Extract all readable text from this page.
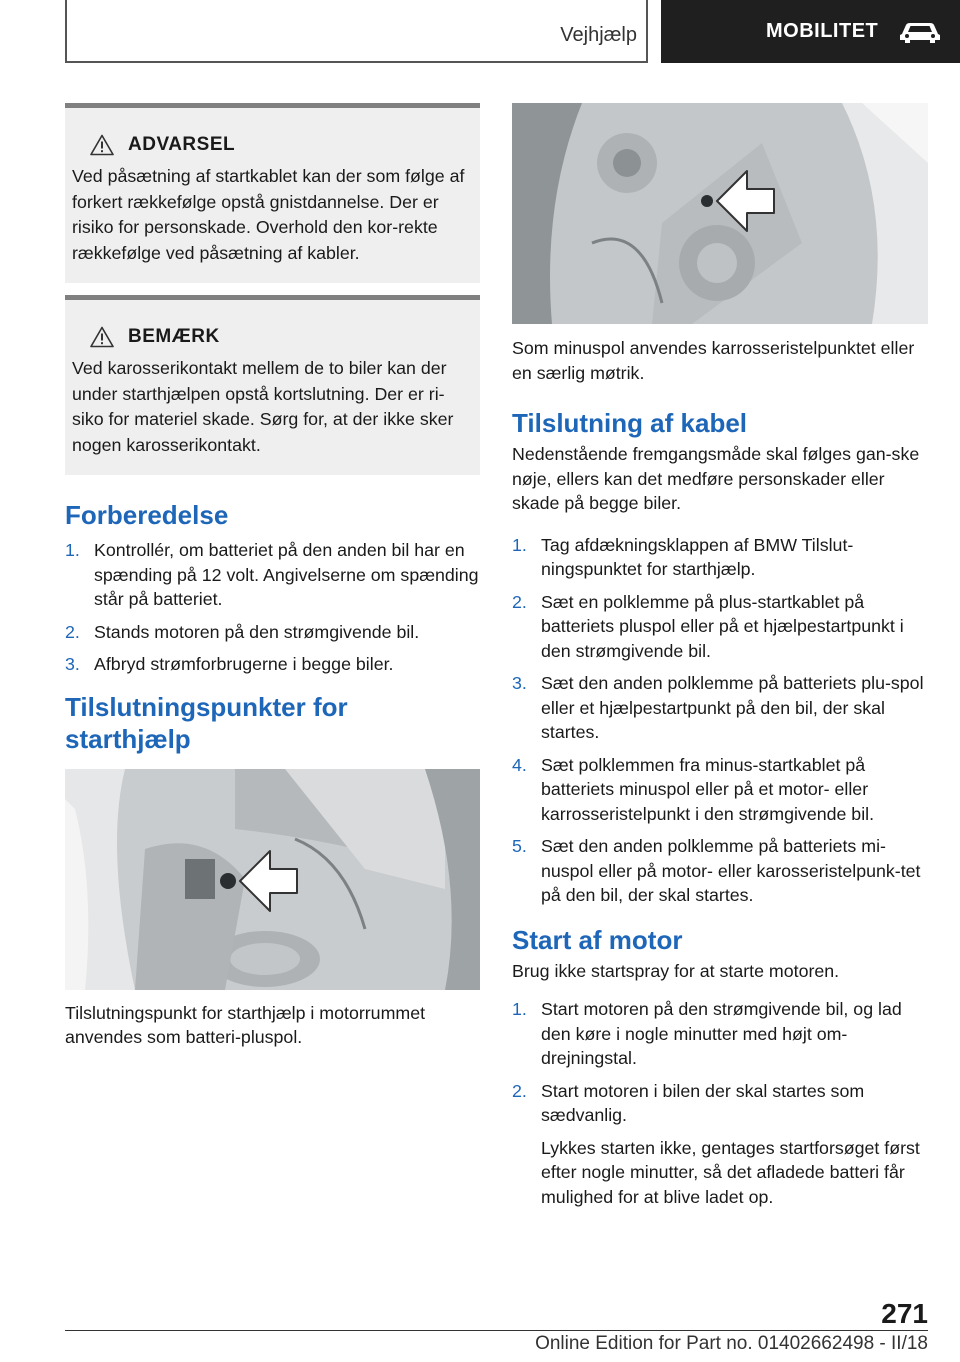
Vejhjælp	MOBILITET
ADVARSEL
Ved påsætning af startkablet kan der som følge af forkert rækkefølge opstå gnistdannelse. Der er risiko for personskade. Overhold den kor-rekte rækkefølge ved påsætning af kabler.
BEMÆRK
Ved karosserikontakt mellem de to biler kan der under starthjælpen opstå kortslutning. Der er ri-siko for materiel skade. Sørg for, at der ikke sker nogen karosserikontakt.
Forberedelse
1. Kontrollér, om batteriet på den anden bil har en spænding på 12 volt. Angivelserne om spænding står på batteriet.
2. Stands motoren på den strømgivende bil.
3. Afbryd strømforbrugerne i begge biler.
Tilslutningspunkter for starthjælp

Tilslutningspunkt for starthjælp i motorrummet anvendes som batteri-pluspol.

Som minuspol anvendes karrosseristelpunktet eller en særlig møtrik.

Tilslutning af kabel

Nedenstående fremgangsmåde skal følges gan-ske nøje, ellers kan det medføre personskader eller skade på begge biler.

1. Tag afdækningsklappen af BMW Tilslut-ningspunktet for starthjælp.
2. Sæt en polklemme på plus-startkablet på batteriets pluspol eller på et hjælpestartpunkt i den strømgivende bil.
3. Sæt den anden polklemme på batteriets plu-spol eller et hjælpestartpunkt på den bil, der skal startes.
4. Sæt polklemmen fra minus-startkablet på batteriets minuspol eller på et motor- eller karrosseristelpunkt i den strømgivende bil.
5. Sæt den anden polklemme på batteriets mi-nuspol eller på motor- eller karosseristelpunk-tet på den bil, der skal startes.
Start af motor

Brug ikke startspray for at starte motoren.

1. Start motoren på den strømgivende bil, og lad den køre i nogle minutter med højt om-drejningstal.
2. Start motoren i bilen der skal startes som sædvanlig.
Lykkes starten ikke, gentages startforsøget først efter nogle minutter, så det afladede batteri får mulighed for at blive ladet op.
271
Online Edition for Part no. 01402662498 - II/18
